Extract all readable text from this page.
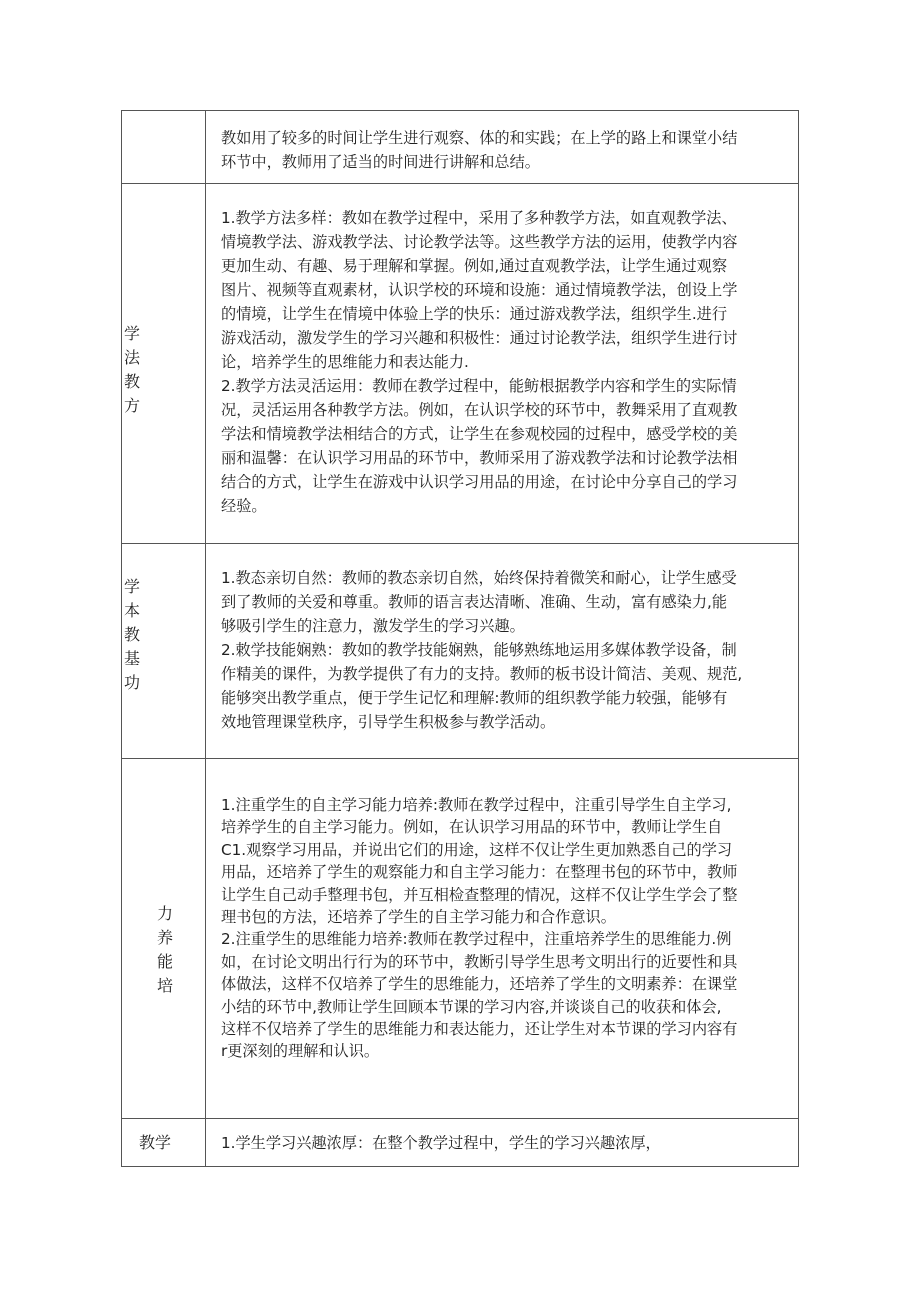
教如用了较多的时间让学生进行观察、体的和实践；在上学的路上和课堂小结
环节中，教师用了适当的时间进行讲解和总结。
学法教方
1.教学方法多样：教如在教学过程中，采用了多种教学方法，如直观教学法、
情境教学法、游戏教学法、讨论教学法等。这些教学方法的运用，使教学内容
更加生动、有趣、易于理解和掌握。例如,通过直观教学法，让学生通过观察
图片、视频等直观素材，认识学校的环境和设施：通过情境教学法，创设上学
的情境，让学生在情境中体验上学的快乐：通过游戏教学法，组织学生.进行
游戏活动，激发学生的学习兴趣和积极性：通过讨论教学法，组织学生进行讨
论，培养学生的思维能力和表达能力.
2.教学方法灵活运用：教师在教学过程中，能鲂根据教学内容和学生的实际情
况，灵活运用各种教学方法。例如，在认识学校的环节中，教舞采用了直观教
学法和情境教学法相结合的方式，让学生在参观校园的过程中，感受学校的美
丽和温馨：在认识学习用品的环节中，教师采用了游戏教学法和讨论教学法相
结合的方式，让学生在游戏中认识学习用品的用途，在讨论中分享自己的学习
经验。
学本教基功
1.教态亲切自然：教师的教态亲切自然，始终保持着微笑和耐心，让学生感受
到了教师的关爱和尊重。教师的语言表达清晰、准确、生动，富有感染力,能
够吸引学生的注意力，激发学生的学习兴趣。
2.敕学技能娴熟：教如的教学技能娴熟，能够熟练地运用多媒体教学设备，制
作精美的课件，为教学提供了有力的支持。教师的板书设计简洁、美观、规范,
能够突出教学重点，便于学生记忆和理解:教师的组织教学能力较强，能够有
效地管理课堂秩序，引导学生积极参与教学活动。
力养能培
1.注重学生的自主学习能力培养:教师在教学过程中，注重引导学生自主学习,
培养学生的自主学习能力。例如，在认识学习用品的环节中，教师让学生自
C1.观察学习用品，并说出它们的用途，这样不仅让学生更加熟悉自己的学习
用品，还培养了学生的观察能力和自主学习能力：在整理书包的环节中，教师
让学生自己动手整理书包，并互相检查整理的情况，这样不仅让学生学会了整
理书包的方法，还培养了学生的自主学习能力和合作意识。
2.注重学生的思维能力培养:教师在教学过程中，注重培养学生的思维能力.例
如，在讨论文明出行行为的环节中，教断引导学生思考文明出行的近要性和具
体做法，这样不仅培养了学生的思维能力，还培养了学生的文明素养：在课堂
小结的环节中,教师让学生回顾本节课的学习内容,并谈谈自己的收获和体会,
这样不仅培养了学生的思维能力和表达能力，还让学生对本节课的学习内容有
r更深刻的理解和认识。
教学	1.学生学习兴趣浓厚：在整个教学过程中，学生的学习兴趣浓厚，
